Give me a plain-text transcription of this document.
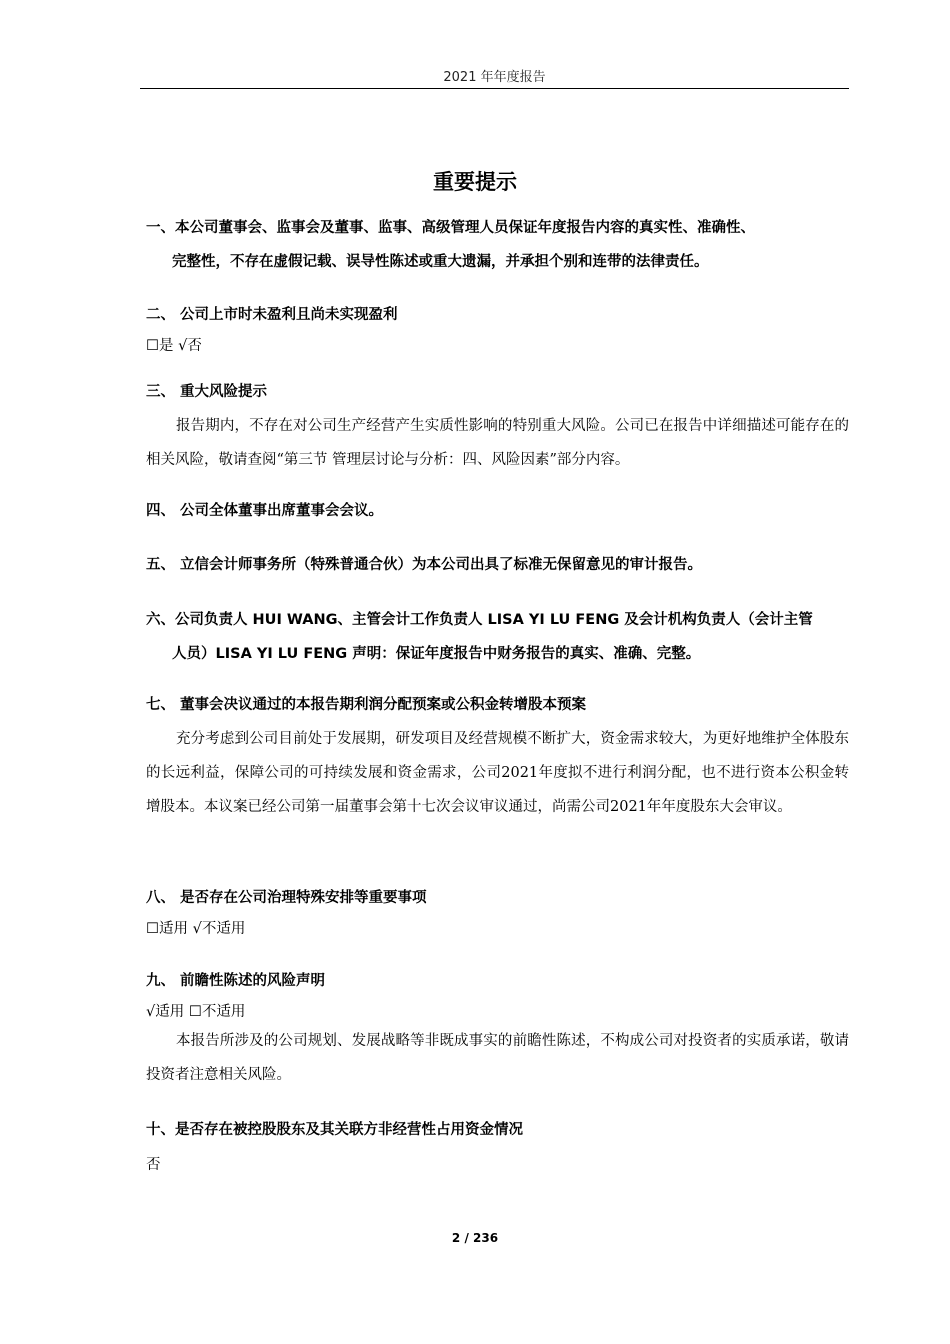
2021 年年度报告
重要提示
一、本公司董事会、监事会及董事、监事、高级管理人员保证年度报告内容的真实性、准确性、
完整性，不存在虚假记载、误导性陈述或重大遗漏，并承担个别和连带的法律责任。
二、 公司上市时未盈利且尚未实现盈利
☐是 √否
三、 重大风险提示
报告期内，不存在对公司生产经营产生实质性影响的特别重大风险。公司已在报告中详细描述可能存在的相关风险，敬请查阅“第三节 管理层讨论与分析：四、风险因素”部分内容。
四、 公司全体董事出席董事会会议。
五、 立信会计师事务所（特殊普通合伙）为本公司出具了标准无保留意见的审计报告。
六、公司负责人 HUI WANG、主管会计工作负责人 LISA YI LU FENG 及会计机构负责人（会计主管
人员）LISA YI LU FENG 声明：保证年度报告中财务报告的真实、准确、完整。
七、 董事会决议通过的本报告期利润分配预案或公积金转增股本预案
充分考虑到公司目前处于发展期，研发项目及经营规模不断扩大，资金需求较大，为更好地维护全体股东的长远利益，保障公司的可持续发展和资金需求，公司2021年度拟不进行利润分配，也不进行资本公积金转增股本。本议案已经公司第一届董事会第十七次会议审议通过，尚需公司2021年年度股东大会审议。
八、 是否存在公司治理特殊安排等重要事项
☐适用 √不适用
九、 前瞻性陈述的风险声明
√适用 ☐不适用
本报告所涉及的公司规划、发展战略等非既成事实的前瞻性陈述，不构成公司对投资者的实质承诺，敬请投资者注意相关风险。
十、是否存在被控股股东及其关联方非经营性占用资金情况
否
2 / 236
